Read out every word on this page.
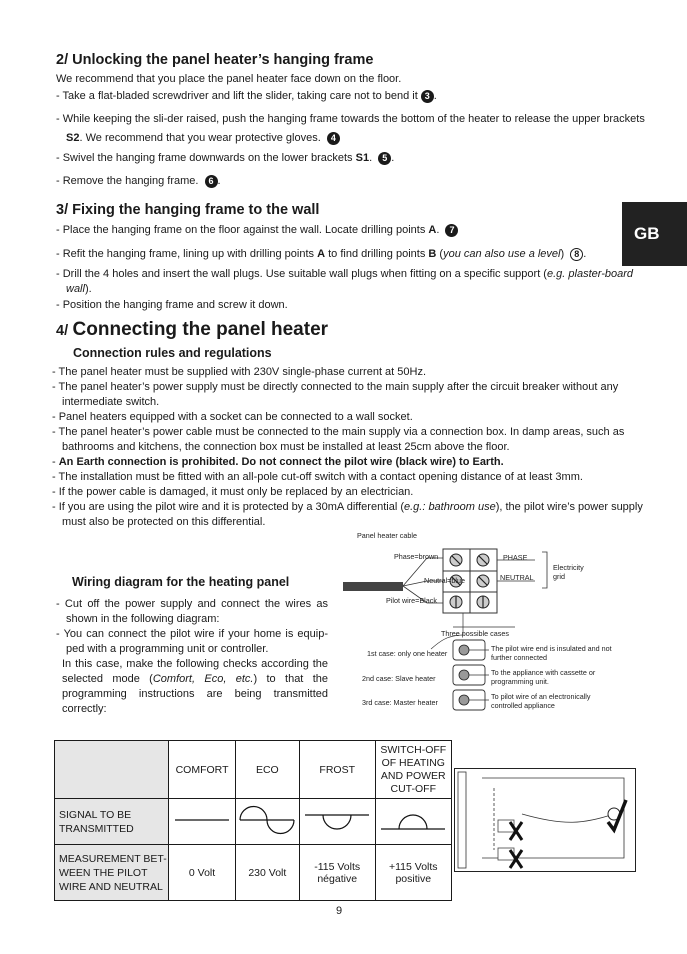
2/ Unlocking the panel heater’s hanging frame
We recommend that you place the panel heater face down on the floor.
- Take a flat-bladed screwdriver and lift the slider, taking care not to bend it 3 .
- While keeping the sli-der raised, push the hanging frame towards the bottom of the heater to release the upper brackets S2. We recommend that you wear protective gloves. 4
- Swivel the hanging frame downwards on the lower brackets S1. 5 .
- Remove the hanging frame. 6 .
3/ Fixing the hanging frame to the wall
- Place the hanging frame on the floor against the wall. Locate drilling points A. 7
- Refit the hanging frame, lining up with drilling points A to find drilling points B (you can also use a level) 8 .
- Drill the 4 holes and insert the wall plugs. Use suitable wall plugs when fitting on a specific support (e.g. plaster-board wall).
- Position the hanging frame and screw it down.
GB
4/ Connecting the panel heater
Connection rules and regulations
- The panel heater must be supplied with 230V single-phase current at 50Hz.
- The panel heater’s power supply must be directly connected to the main supply after the circuit breaker without any intermediate switch.
- Panel heaters equipped with a socket can be connected to a wall socket.
- The panel heater’s power cable must be connected to the main supply via a connection box. In damp areas, such as bathrooms and kitchens, the connection box must be installed at least 25cm above the floor.
- An Earth connection is prohibited. Do not connect the pilot wire (black wire) to Earth.
- The installation must be fitted with an all-pole cut-off switch with a contact opening distance of at least 3mm.
- If the power cable is damaged, it must only be replaced by an electrician.
- If you are using the pilot wire and it is protected by a 30mA differential (e.g.: bathroom use), the pilot wire’s power supply must also be protected on this differential.
Wiring diagram for the heating panel
- Cut off the power supply and connect the wires as shown in the following diagram:
- You can connect the pilot wire if your home is equip-ped with a programming unit or controller.
In this case, make the following checks according the selected mode (Comfort, Eco, etc.) to that the programming instructions are being transmitted correctly:
Panel heater cable
Phase=brown
Neutral=blue
Pilot wire=Black
PHASE
NEUTRAL
Electricity grid
Three possible cases
1st case: only one heater
2nd case: Slave heater
3rd case: Master heater
The pilot wire end is insulated and not further connected
To the appliance with cassette or programming unit.
To pilot wire of an electronically controlled appliance
	COMFORT	ECO	FROST	SWITCH-OFF OF HEATING AND POWER CUT-OFF
SIGNAL TO BE TRANSMITTED				
MEASUREMENT BET-WEEN THE PILOT WIRE AND NEUTRAL	0 Volt	230 Volt	-115 Volts négative	+115 Volts positive
9
